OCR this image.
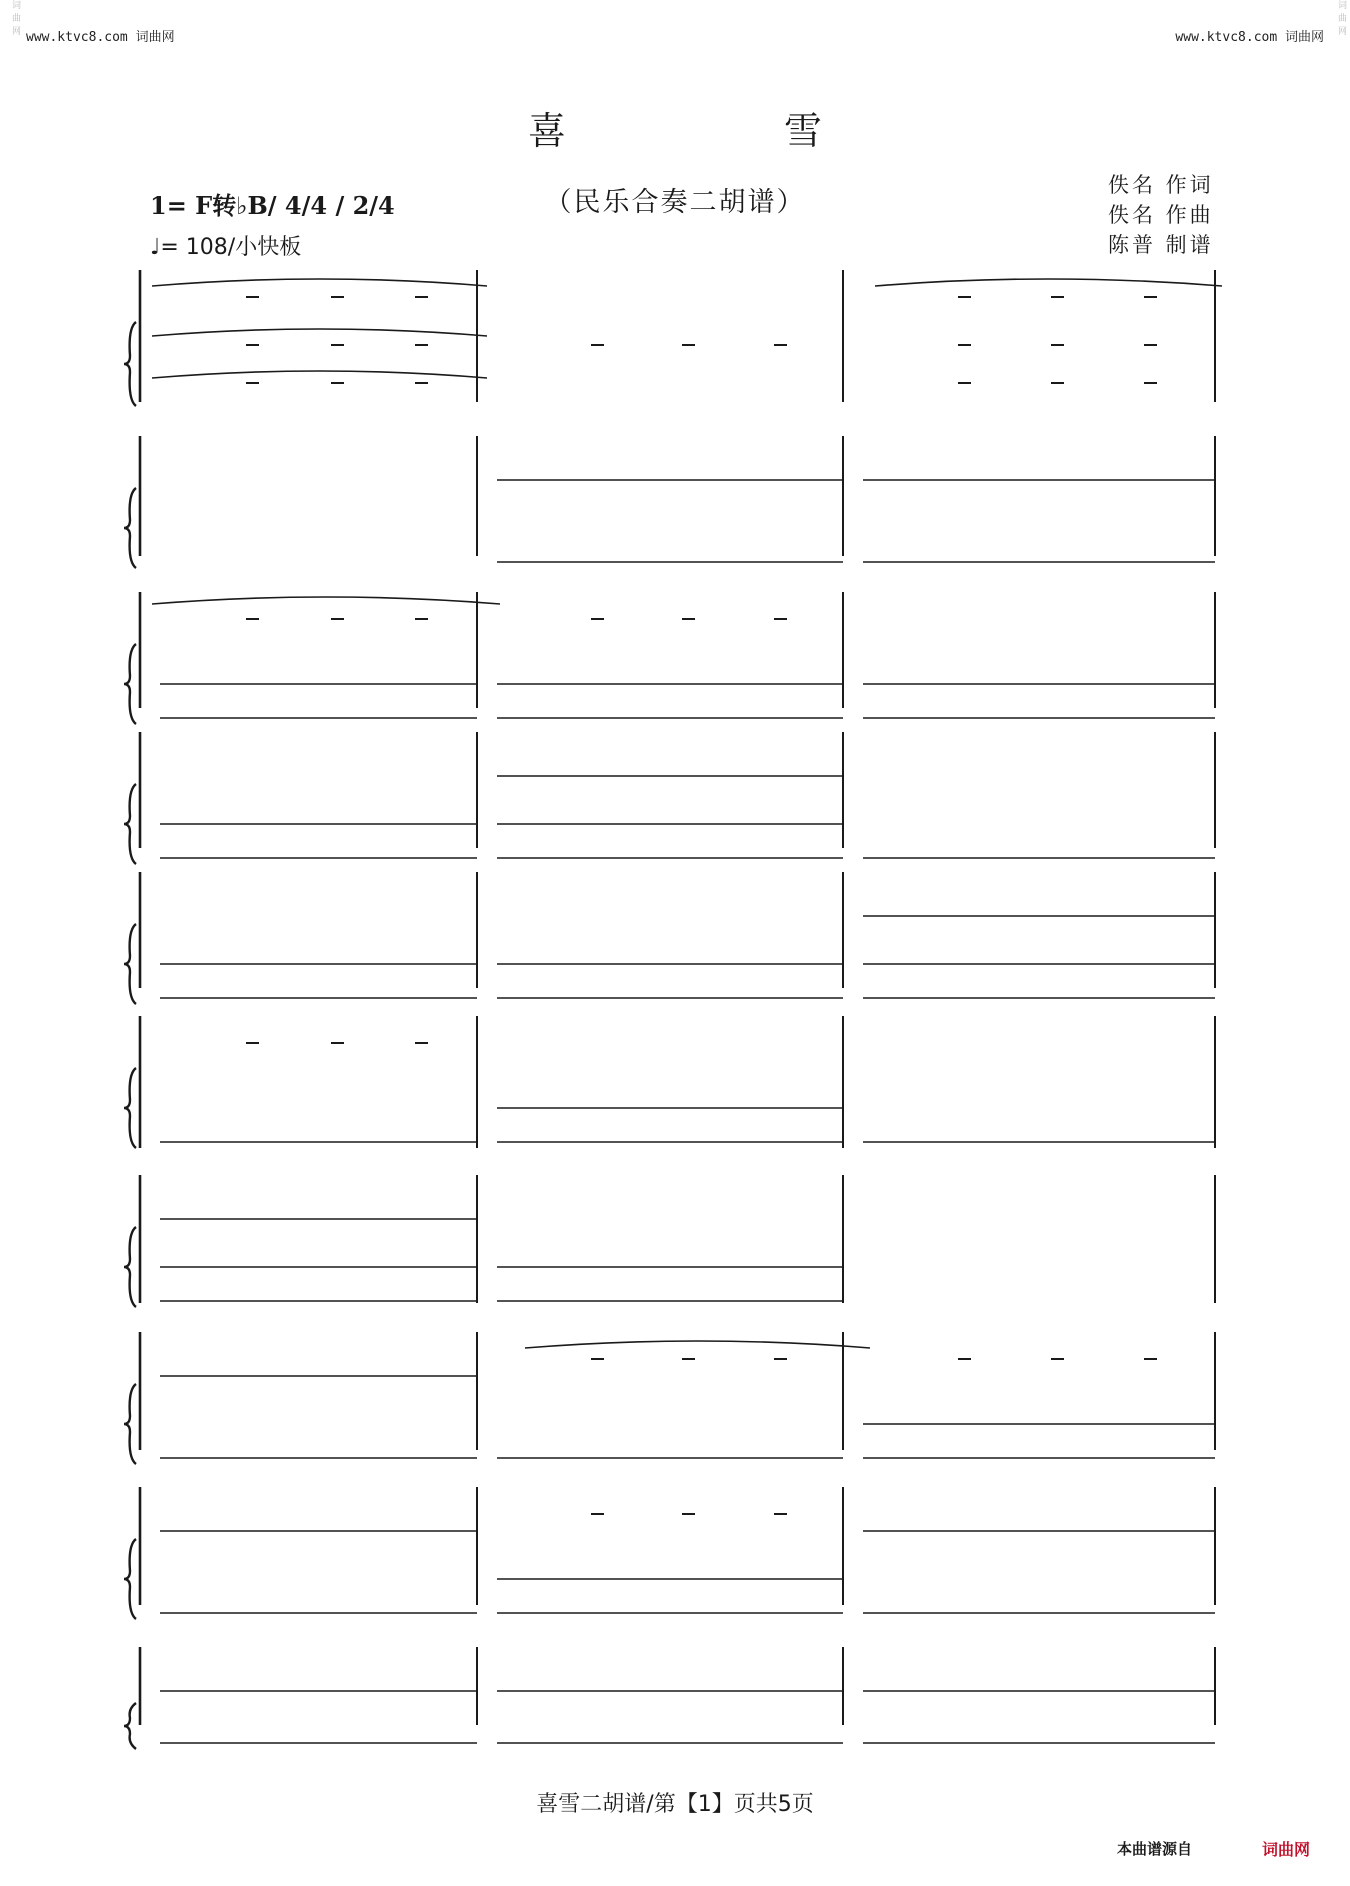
词曲网	词曲网
www.ktvc8.com 词曲网	www.ktvc8.com 词曲网
喜　雪
（民乐合奏二胡谱）
1= F转♭B/ 4/4 / 2/4
♩= 108/小快板
佚名 作词
佚名 作曲
陈普 制谱
喜雪二胡谱/第【1】页共5页
本曲谱源自	词曲网
